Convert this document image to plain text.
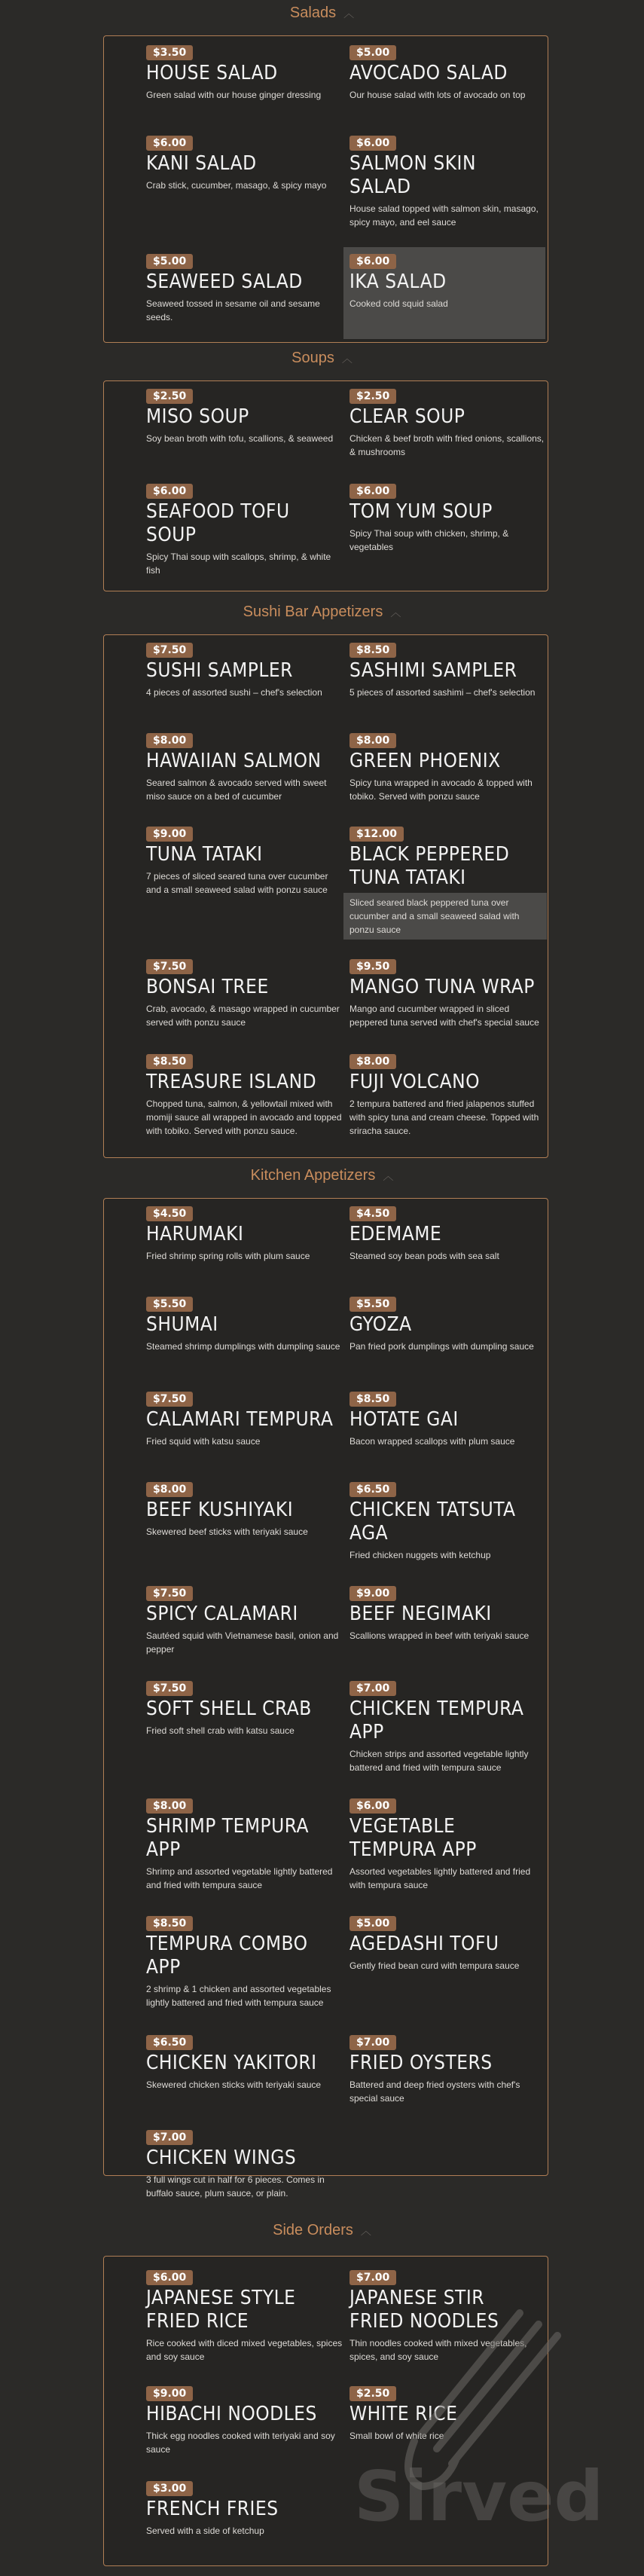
Salads ︿
$3.50
HOUSE SALAD
Green salad with our house ginger dressing
$5.00
AVOCADO SALAD
Our house salad with lots of avocado on top
$6.00
KANI SALAD
Crab stick, cucumber, masago, & spicy mayo
$6.00
SALMON SKIN SALAD
House salad topped with salmon skin, masago, spicy mayo, and eel sauce
$5.00
SEAWEED SALAD
Seaweed tossed in sesame oil and sesame seeds.
$6.00
IKA SALAD
Cooked cold squid salad
Soups ︿
$2.50
MISO SOUP
Soy bean broth with tofu, scallions, & seaweed
$2.50
CLEAR SOUP
Chicken & beef broth with fried onions, scallions, & mushrooms
$6.00
SEAFOOD TOFU SOUP
Spicy Thai soup with scallops, shrimp, & white fish
$6.00
TOM YUM SOUP
Spicy Thai soup with chicken, shrimp, & vegetables
Sushi Bar Appetizers ︿
$7.50
SUSHI SAMPLER
4 pieces of assorted sushi – chef's selection
$8.50
SASHIMI SAMPLER
5 pieces of assorted sashimi – chef's selection
$8.00
HAWAIIAN SALMON
Seared salmon & avocado served with sweet miso sauce on a bed of cucumber
$8.00
GREEN PHOENIX
Spicy tuna wrapped in avocado & topped with tobiko. Served with ponzu sauce
$9.00
TUNA TATAKI
7 pieces of sliced seared tuna over cucumber and a small seaweed salad with ponzu sauce
$12.00
BLACK PEPPERED TUNA TATAKI
Sliced seared black peppered tuna over cucumber and a small seaweed salad with ponzu sauce
$7.50
BONSAI TREE
Crab, avocado, & masago wrapped in cucumber served with ponzu sauce
$9.50
MANGO TUNA WRAP
Mango and cucumber wrapped in sliced peppered tuna served with chef's special sauce
$8.50
TREASURE ISLAND
Chopped tuna, salmon, & yellowtail mixed with momiji sauce all wrapped in avocado and topped with tobiko. Served with ponzu sauce.
$8.00
FUJI VOLCANO
2 tempura battered and fried jalapenos stuffed with spicy tuna and cream cheese. Topped with sriracha sauce.
Kitchen Appetizers ︿
$4.50
HARUMAKI
Fried shrimp spring rolls with plum sauce
$4.50
EDEMAME
Steamed soy bean pods with sea salt
$5.50
SHUMAI
Steamed shrimp dumplings with dumpling sauce
$5.50
GYOZA
Pan fried pork dumplings with dumpling sauce
$7.50
CALAMARI TEMPURA
Fried squid with katsu sauce
$8.50
HOTATE GAI
Bacon wrapped scallops with plum sauce
$8.00
BEEF KUSHIYAKI
Skewered beef sticks with teriyaki sauce
$6.50
CHICKEN TATSUTA AGA
Fried chicken nuggets with ketchup
$7.50
SPICY CALAMARI
Sautéed squid with Vietnamese basil, onion and pepper
$9.00
BEEF NEGIMAKI
Scallions wrapped in beef with teriyaki sauce
$7.50
SOFT SHELL CRAB
Fried soft shell crab with katsu sauce
$7.00
CHICKEN TEMPURA APP
Chicken strips and assorted vegetable lightly battered and fried with tempura sauce
$8.00
SHRIMP TEMPURA APP
Shrimp and assorted vegetable lightly battered and fried with tempura sauce
$6.00
VEGETABLE TEMPURA APP
Assorted vegetables lightly battered and fried with tempura sauce
$8.50
TEMPURA COMBO APP
2 shrimp & 1 chicken and assorted vegetables lightly battered and fried with tempura sauce
$5.00
AGEDASHI TOFU
Gently fried bean curd with tempura sauce
$6.50
CHICKEN YAKITORI
Skewered chicken sticks with teriyaki sauce
$7.00
FRIED OYSTERS
Battered and deep fried oysters with chef's special sauce
$7.00
CHICKEN WINGS
3 full wings cut in half for 6 pieces. Comes in buffalo sauce, plum sauce, or plain.
Side Orders ︿
$6.00
JAPANESE STYLE FRIED RICE
Rice cooked with diced mixed vegetables, spices and soy sauce
$7.00
JAPANESE STIR FRIED NOODLES
Thin noodles cooked with mixed vegetables, spices, and soy sauce
$9.00
HIBACHI NOODLES
Thick egg noodles cooked with teriyaki and soy sauce
$2.50
WHITE RICE
Small bowl of white rice
$3.00
FRENCH FRIES
Served with a side of ketchup	Sirved
